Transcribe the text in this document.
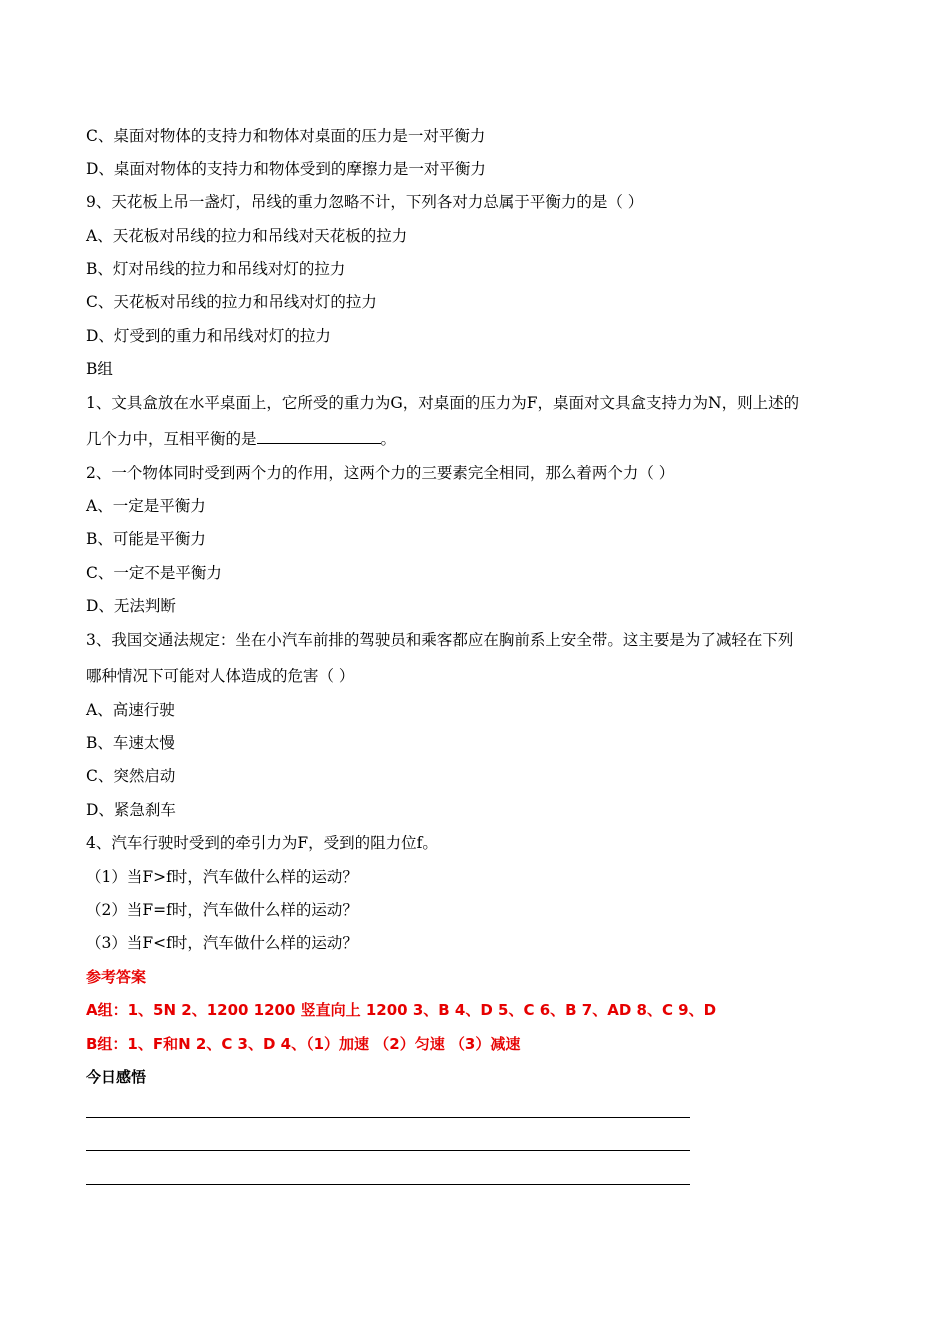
C、桌面对物体的支持力和物体对桌面的压力是一对平衡力
D、桌面对物体的支持力和物体受到的摩擦力是一对平衡力
9、天花板上吊一盏灯，吊线的重力忽略不计，下列各对力总属于平衡力的是（ ）
A、天花板对吊线的拉力和吊线对天花板的拉力
B、灯对吊线的拉力和吊线对灯的拉力
C、天花板对吊线的拉力和吊线对灯的拉力
D、灯受到的重力和吊线对灯的拉力
B组
1、文具盒放在水平桌面上，它所受的重力为G，对桌面的压力为F，桌面对文具盒支持力为N，则上述的
几个力中，互相平衡的是	。
2、一个物体同时受到两个力的作用，这两个力的三要素完全相同，那么着两个力（ ）
A、一定是平衡力
B、可能是平衡力
C、一定不是平衡力
D、无法判断
3、我国交通法规定：坐在小汽车前排的驾驶员和乘客都应在胸前系上安全带。这主要是为了减轻在下列
哪种情况下可能对人体造成的危害（ ）
A、高速行驶
B、车速太慢
C、突然启动
D、紧急刹车
4、汽车行驶时受到的牵引力为F，受到的阻力位f。
（1）当F>f时，汽车做什么样的运动？
（2）当F=f时，汽车做什么样的运动？
（3）当F<f时，汽车做什么样的运动？
参考答案
A组：1、5N 2、1200 1200 竖直向上 1200 3、B 4、D 5、C 6、B 7、AD 8、C 9、D
B组：1、F和N 2、C 3、D 4、（1）加速 （2）匀速 （3）减速
今日感悟
